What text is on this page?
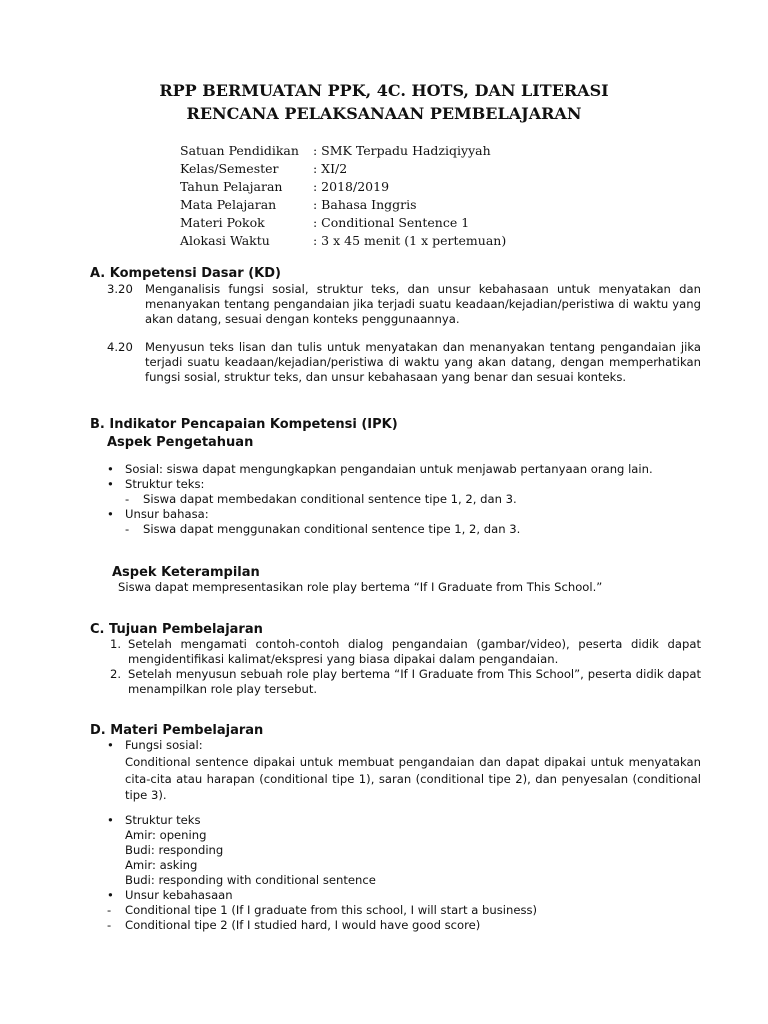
RPP BERMUATAN PPK, 4C. HOTS, DAN LITERASI
RENCANA PELAKSANAAN PEMBELAJARAN
Satuan Pendidikan : SMK Terpadu Hadziqiyyah
Kelas/Semester	: XI/2
Tahun Pelajaran : 2018/2019
Mata Pelajaran	: Bahasa Inggris
Materi Pokok	: Conditional Sentence 1
Alokasi Waktu	: 3 x 45 menit (1 x pertemuan)
A. Kompetensi Dasar (KD)
3.20 Menganalisis fungsi sosial, struktur teks, dan unsur kebahasaan untuk menyatakan dan menanyakan tentang pengandaian jika terjadi suatu keadaan/kejadian/peristiwa di waktu yang akan datang, sesuai dengan konteks penggunaannya.
4.20 Menyusun teks lisan dan tulis untuk menyatakan dan menanyakan tentang pengandaian jika terjadi suatu keadaan/kejadian/peristiwa di waktu yang akan datang, dengan memperhatikan fungsi sosial, struktur teks, dan unsur kebahasaan yang benar dan sesuai konteks.
B. Indikator Pencapaian Kompetensi (IPK)
Aspek Pengetahuan
• Sosial: siswa dapat mengungkapkan pengandaian untuk menjawab pertanyaan orang lain.
• Struktur teks:
- Siswa dapat membedakan conditional sentence tipe 1, 2, dan 3.
• Unsur bahasa:
- Siswa dapat menggunakan conditional sentence tipe 1, 2, dan 3.
Aspek Keterampilan
Siswa dapat mempresentasikan role play bertema “If I Graduate from This School.”
C. Tujuan Pembelajaran
1. Setelah mengamati contoh-contoh dialog pengandaian (gambar/video), peserta didik dapat mengidentifikasi kalimat/ekspresi yang biasa dipakai dalam pengandaian.
2. Setelah menyusun sebuah role play bertema “If I Graduate from This School”, peserta didik dapat menampilkan role play tersebut.
D. Materi Pembelajaran
• Fungsi sosial:
Conditional sentence dipakai untuk membuat pengandaian dan dapat dipakai untuk menyatakan cita-cita atau harapan (conditional tipe 1), saran (conditional tipe 2), dan penyesalan (conditional tipe 3).
• Struktur teks
Amir: opening
Budi: responding
Amir: asking
Budi: responding with conditional sentence
• Unsur kebahasaan
- Conditional tipe 1 (If I graduate from this school, I will start a business)
- Conditional tipe 2 (If I studied hard, I would have good score)
